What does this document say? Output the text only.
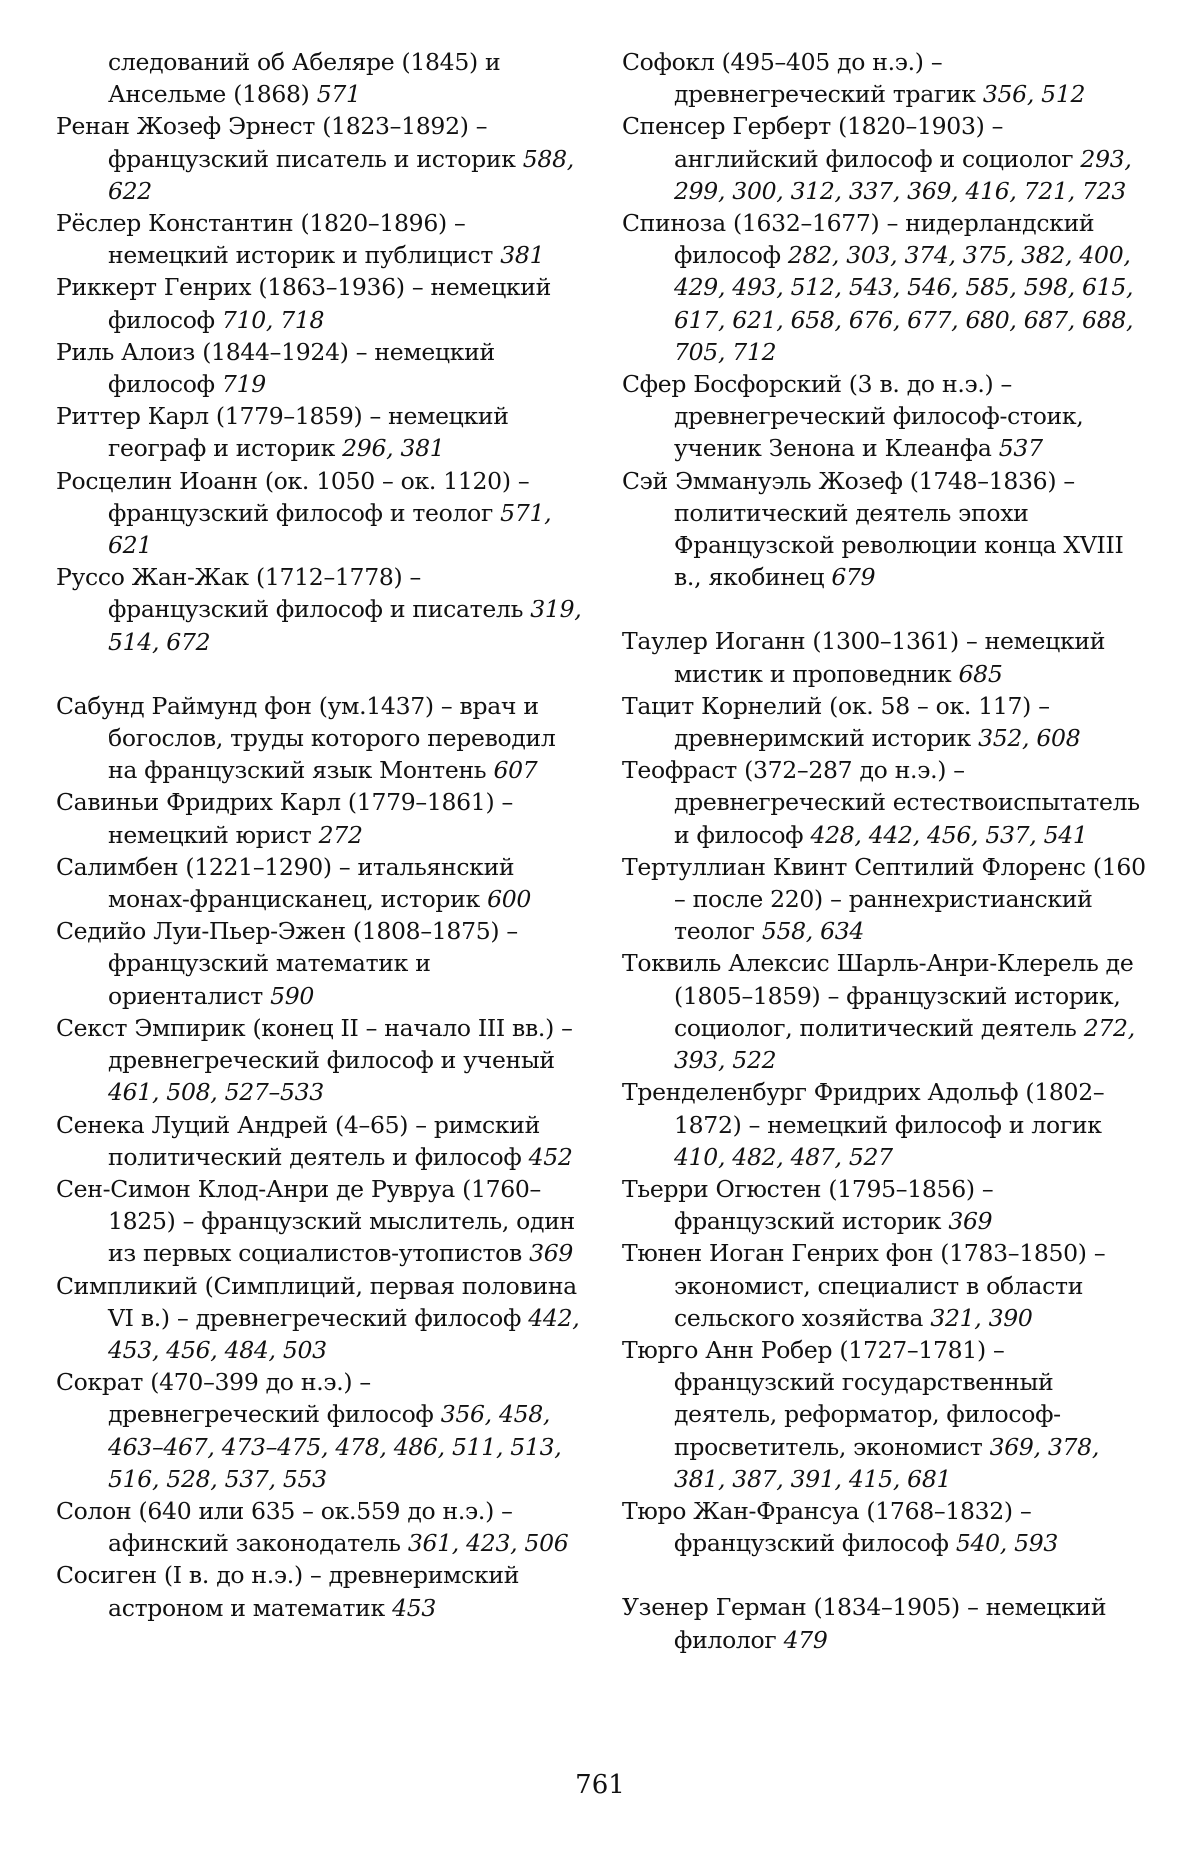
следований об Абеляре (1845) и Ансельме (1868) 571
Ренан Жозеф Эрнест (1823–1892) – французский писатель и историк 588, 622
Рёслер Константин (1820–1896) – немецкий историк и публицист 381
Риккерт Генрих (1863–1936) – немецкий философ 710, 718
Риль Алоиз (1844–1924) – немецкий философ 719
Риттер Карл (1779–1859) – немецкий географ и историк 296, 381
Росцелин Иоанн (ок. 1050 – ок. 1120) – французский философ и теолог 571, 621
Руссо Жан-Жак (1712–1778) – французский философ и писатель 319, 514, 672
Сабунд Раймунд фон (ум.1437) – врач и богослов, труды которого переводил на французский язык Монтень 607
Савиньи Фридрих Карл (1779–1861) – немецкий юрист 272
Салимбен (1221–1290) – итальянский монах-францисканец, историк 600
Седийо Луи-Пьер-Эжен (1808–1875) – французский математик и ориенталист 590
Секст Эмпирик (конец II – начало III вв.) – древнегреческий философ и ученый 461, 508, 527–533
Сенека Луций Андрей (4–65) – римский политический деятель и философ 452
Сен-Симон Клод-Анри де Рувруа (1760–1825) – французский мыслитель, один из первых социалистов-утопистов 369
Симпликий (Симплиций, первая половина VI в.) – древнегреческий философ 442, 453, 456, 484, 503
Сократ (470–399 до н.э.) – древнегреческий философ 356, 458, 463–467, 473–475, 478, 486, 511, 513, 516, 528, 537, 553
Солон (640 или 635 – ок.559 до н.э.) – афинский законодатель 361, 423, 506
Сосиген (I в. до н.э.) – древнеримский астроном и математик 453
Софокл (495–405 до н.э.) – древнегреческий трагик 356, 512
Спенсер Герберт (1820–1903) – английский философ и социолог 293, 299, 300, 312, 337, 369, 416, 721, 723
Спиноза (1632–1677) – нидерландский философ 282, 303, 374, 375, 382, 400, 429, 493, 512, 543, 546, 585, 598, 615, 617, 621, 658, 676, 677, 680, 687, 688, 705, 712
Сфер Босфорский (3 в. до н.э.) – древнегреческий философ-стоик, ученик Зенона и Клеанфа 537
Сэй Эммануэль Жозеф (1748–1836) – политический деятель эпохи Французской революции конца XVIII в., якобинец 679
Таулер Иоганн (1300–1361) – немецкий мистик и проповедник 685
Тацит Корнелий (ок. 58 – ок. 117) – древнеримский историк 352, 608
Теофраст (372–287 до н.э.) – древнегреческий естествоиспытатель и философ 428, 442, 456, 537, 541
Тертуллиан Квинт Септилий Флоренс (160 – после 220) – раннехристианский теолог 558, 634
Токвиль Алексис Шарль-Анри-Клерель де (1805–1859) – французский историк, социолог, политический деятель 272, 393, 522
Тренделенбург Фридрих Адольф (1802–1872) – немецкий философ и логик 410, 482, 487, 527
Тьерри Огюстен (1795–1856) – французский историк 369
Тюнен Иоган Генрих фон (1783–1850) – экономист, специалист в области сельского хозяйства 321, 390
Тюрго Анн Робер (1727–1781) – французский государственный деятель, реформатор, философ-просветитель, экономист 369, 378, 381, 387, 391, 415, 681
Тюро Жан-Франсуа (1768–1832) – французский философ 540, 593
Узенер Герман (1834–1905) – немецкий филолог 479
761
